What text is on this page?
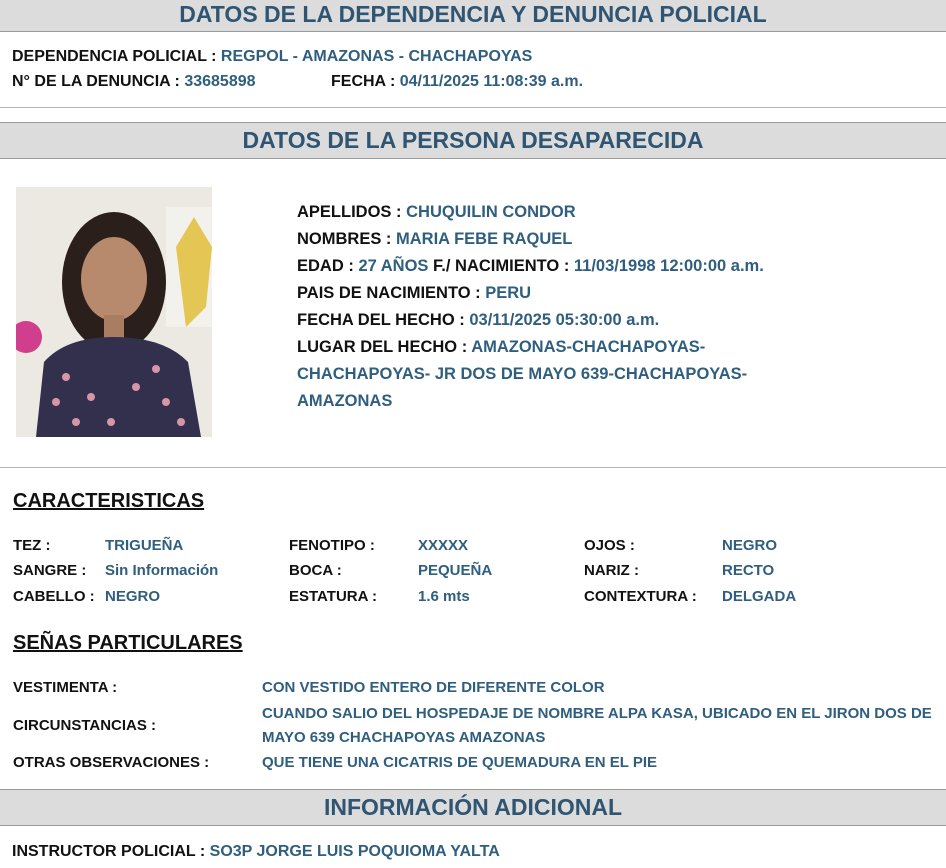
DATOS DE LA DEPENDENCIA Y DENUNCIA POLICIAL
DEPENDENCIA POLICIAL : REGPOL - AMAZONAS - CHACHAPOYAS
N° DE LA DENUNCIA : 33685898	FECHA : 04/11/2025 11:08:39 a.m.
DATOS DE LA PERSONA DESAPARECIDA
APELLIDOS : CHUQUILIN CONDOR
NOMBRES : MARIA FEBE RAQUEL
EDAD : 27 AÑOS F./ NACIMIENTO : 11/03/1998 12:00:00 a.m.
PAIS DE NACIMIENTO : PERU
FECHA DEL HECHO : 03/11/2025 05:30:00 a.m.
LUGAR DEL HECHO : AMAZONAS-CHACHAPOYAS-CHACHAPOYAS- JR DOS DE MAYO 639-CHACHAPOYAS-AMAZONAS
CARACTERISTICAS
TEZ :	TRIGUEÑA	FENOTIPO :	XXXXX	OJOS :	NEGRO
SANGRE : Sin Información	BOCA :	PEQUEÑA	NARIZ :	RECTO
CABELLO : NEGRO	ESTATURA :	1.6 mts	CONTEXTURA : DELGADA
SEÑAS PARTICULARES
VESTIMENTA :	CON VESTIDO ENTERO DE DIFERENTE COLOR
CIRCUNSTANCIAS :
CUANDO SALIO DEL HOSPEDAJE DE NOMBRE ALPA KASA, UBICADO EN EL JIRON DOS DE MAYO 639 CHACHAPOYAS AMAZONAS
OTRAS OBSERVACIONES :	QUE TIENE UNA CICATRIS DE QUEMADURA EN EL PIE
INFORMACIÓN ADICIONAL
INSTRUCTOR POLICIAL : SO3P JORGE LUIS POQUIOMA YALTA
